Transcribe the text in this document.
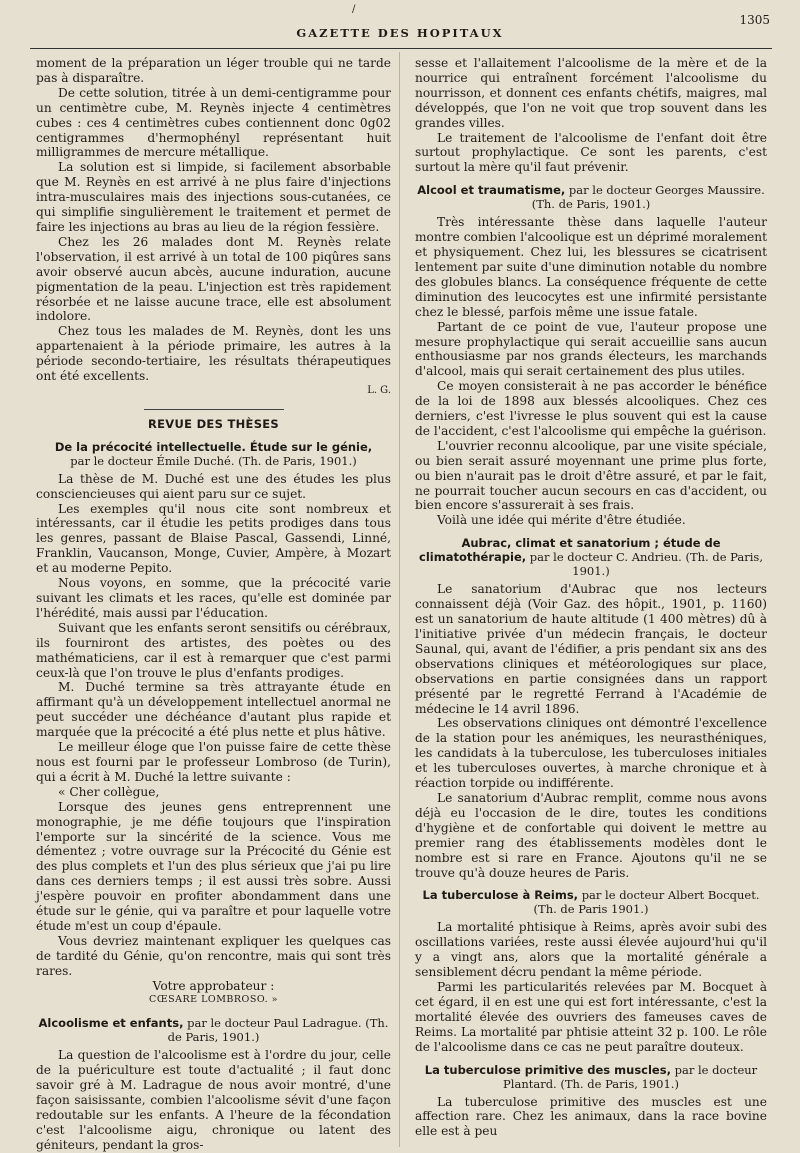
/
GAZETTE DES HOPITAUX
1305

moment de la préparation un léger trouble qui ne tarde pas à disparaître.

De cette solution, titrée à un demi-centigramme pour un centimètre cube, M. Reynès injecte 4 centimètres cubes : ces 4 centimètres cubes contiennent donc 0g02 centigrammes d'hermophényl représentant huit milligrammes de mercure métallique.

La solution est si limpide, si facilement absorbable que M. Reynès en est arrivé à ne plus faire d'injections intra-musculaires mais des injections sous-cutanées, ce qui simplifie singulièrement le traitement et permet de faire les injections au bras au lieu de la région fessière.

Chez les 26 malades dont M. Reynès relate l'observation, il est arrivé à un total de 100 piqûres sans avoir observé aucun abcès, aucune induration, aucune pigmentation de la peau. L'injection est très rapidement résorbée et ne laisse aucune trace, elle est absolument indolore.

Chez tous les malades de M. Reynès, dont les uns appartenaient à la période primaire, les autres à la période secondo-tertiaire, les résultats thérapeutiques ont été excellents.

L. G.

REVUE DES THÈSES
De la précocité intellectuelle. Étude sur le génie,
par le docteur Émile Duché. (Th. de Paris, 1901.)

La thèse de M. Duché est une des études les plus consciencieuses qui aient paru sur ce sujet.

Les exemples qu'il nous cite sont nombreux et intéressants, car il étudie les petits prodiges dans tous les genres, passant de Blaise Pascal, Gassendi, Linné, Franklin, Vaucanson, Monge, Cuvier, Ampère, à Mozart et au moderne Pepito.

Nous voyons, en somme, que la précocité varie suivant les climats et les races, qu'elle est dominée par l'hérédité, mais aussi par l'éducation.

Suivant que les enfants seront sensitifs ou cérébraux, ils fourniront des artistes, des poètes ou des mathématiciens, car il est à remarquer que c'est parmi ceux-là que l'on trouve le plus d'enfants prodiges.

M. Duché termine sa très attrayante étude en affirmant qu'à un développement intellectuel anormal ne peut succéder une déchéance d'autant plus rapide et marquée que la précocité a été plus nette et plus hâtive.

Le meilleur éloge que l'on puisse faire de cette thèse nous est fourni par le professeur Lombroso (de Turin), qui a écrit à M. Duché la lettre suivante :

« Cher collègue,

Lorsque des jeunes gens entreprennent une monographie, je me défie toujours que l'inspiration l'emporte sur la sincérité de la science. Vous me démentez ; votre ouvrage sur la Précocité du Génie est des plus complets et l'un des plus sérieux que j'ai pu lire dans ces derniers temps ; il est aussi très sobre. Aussi j'espère pouvoir en profiter abondamment dans une étude sur le génie, qui va paraître et pour laquelle votre étude m'est un coup d'épaule.

Vous devriez maintenant expliquer les quelques cas de tardité du Génie, qu'on rencontre, mais qui sont très rares.

Votre approbateur :

CŒSARE LOMBROSO. »

Alcoolisme et enfants, par le docteur Paul Ladrague. (Th. de Paris, 1901.)

La question de l'alcoolisme est à l'ordre du jour, celle de la puériculture est toute d'actualité ; il faut donc savoir gré à M. Ladrague de nous avoir montré, d'une façon saisissante, combien l'alcoolisme sévit d'une façon redoutable sur les enfants. A l'heure de la fécondation c'est l'alcoolisme aigu, chronique ou latent des géniteurs, pendant la gros-

sesse et l'allaitement l'alcoolisme de la mère et de la nourrice qui entraînent forcément l'alcoolisme du nourrisson, et donnent ces enfants chétifs, maigres, mal développés, que l'on ne voit que trop souvent dans les grandes villes.

Le traitement de l'alcoolisme de l'enfant doit être surtout prophylactique. Ce sont les parents, c'est surtout la mère qu'il faut prévenir.

Alcool et traumatisme, par le docteur Georges Maussire. (Th. de Paris, 1901.)

Très intéressante thèse dans laquelle l'auteur montre combien l'alcoolique est un déprimé moralement et physiquement. Chez lui, les blessures se cicatrisent lentement par suite d'une diminution notable du nombre des globules blancs. La conséquence fréquente de cette diminution des leucocytes est une infirmité persistante chez le blessé, parfois même une issue fatale.

Partant de ce point de vue, l'auteur propose une mesure prophylactique qui serait accueillie sans aucun enthousiasme par nos grands électeurs, les marchands d'alcool, mais qui serait certainement des plus utiles.

Ce moyen consisterait à ne pas accorder le bénéfice de la loi de 1898 aux blessés alcooliques. Chez ces derniers, c'est l'ivresse le plus souvent qui est la cause de l'accident, c'est l'alcoolisme qui empêche la guérison.

L'ouvrier reconnu alcoolique, par une visite spéciale, ou bien serait assuré moyennant une prime plus forte, ou bien n'aurait pas le droit d'être assuré, et par le fait, ne pourrait toucher aucun secours en cas d'accident, ou bien encore s'assurerait à ses frais.

Voilà une idée qui mérite d'être étudiée.

Aubrac, climat et sanatorium ; étude de climatothérapie, par le docteur C. Andrieu. (Th. de Paris, 1901.)

Le sanatorium d'Aubrac que nos lecteurs connaissent déjà (Voir Gaz. des hôpit., 1901, p. 1160) est un sanatorium de haute altitude (1 400 mètres) dû à l'initiative privée d'un médecin français, le docteur Saunal, qui, avant de l'édifier, a pris pendant six ans des observations cliniques et météorologiques sur place, observations en partie consignées dans un rapport présenté par le regretté Ferrand à l'Académie de médecine le 14 avril 1896.

Les observations cliniques ont démontré l'excellence de la station pour les anémiques, les neurasthéniques, les candidats à la tuberculose, les tuberculoses initiales et les tuberculoses ouvertes, à marche chronique et à réaction torpide ou indifférente.

Le sanatorium d'Aubrac remplit, comme nous avons déjà eu l'occasion de le dire, toutes les conditions d'hygiène et de confortable qui doivent le mettre au premier rang des établissements modèles dont le nombre est si rare en France. Ajoutons qu'il ne se trouve qu'à douze heures de Paris.

La tuberculose à Reims, par le docteur Albert Bocquet. (Th. de Paris 1901.)

La mortalité phtisique à Reims, après avoir subi des oscillations variées, reste aussi élevée aujourd'hui qu'il y a vingt ans, alors que la mortalité générale a sensiblement décru pendant la même période.

Parmi les particularités relevées par M. Bocquet à cet égard, il en est une qui est fort intéressante, c'est la mortalité élevée des ouvriers des fameuses caves de Reims. La mortalité par phtisie atteint 32 p. 100. Le rôle de l'alcoolisme dans ce cas ne peut paraître douteux.

La tuberculose primitive des muscles, par le docteur Plantard. (Th. de Paris, 1901.)

La tuberculose primitive des muscles est une affection rare. Chez les animaux, dans la race bovine elle est à peu
